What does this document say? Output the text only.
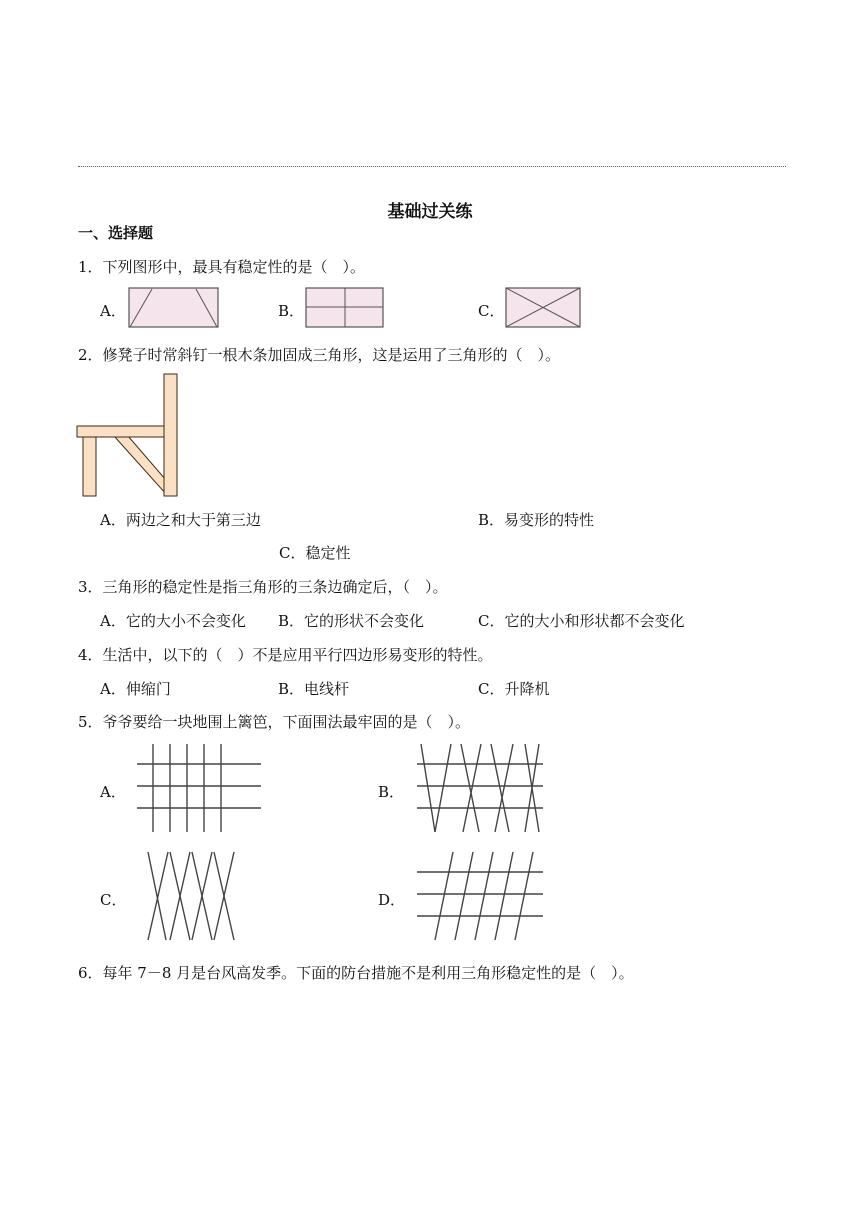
基础过关练
一、选择题
1．下列图形中，最具有稳定性的是（　）。
A．	B．	C．
2．修凳子时常斜钉一根木条加固成三角形，这是运用了三角形的（　）。
A．两边之和大于第三边	B．易变形的特性
C．稳定性
3．三角形的稳定性是指三角形的三条边确定后，（　）。
A．它的大小不会变化 B．它的形状不会变化	C．它的大小和形状都不会变化
4．生活中，以下的（　）不是应用平行四边形易变形的特性。
A．伸缩门	B．电线杆	C．升降机
5．爷爷要给一块地围上篱笆，下面围法最牢固的是（　）。
A．	B．
C．	D．
6．每年 7－8 月是台风高发季。下面的防台措施不是利用三角形稳定性的是（　）。
